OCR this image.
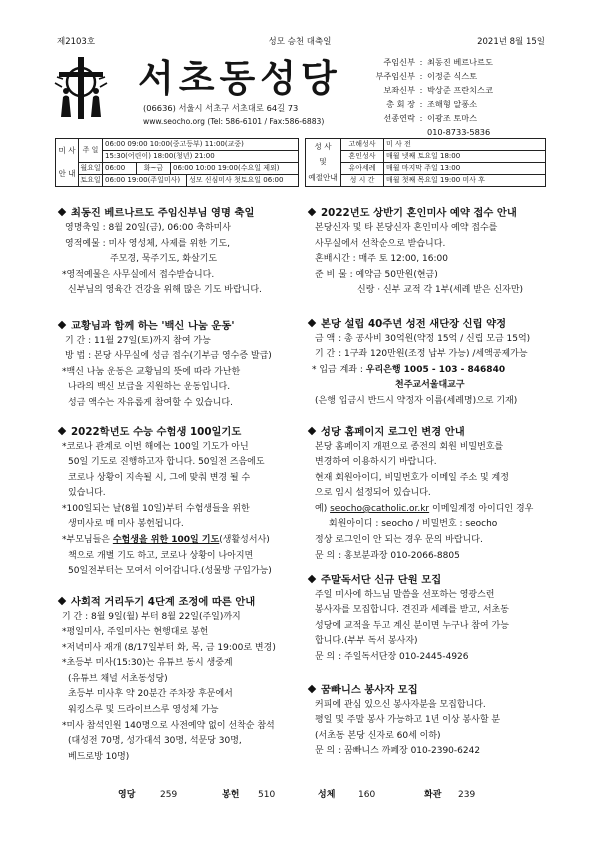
제2103호	성모 승천 대축일	2021년 8월 15일
서초동성당
(06636) 서울시 서초구 서초대로 64길 73
www.seocho.org (Tel: 586-6101 / Fax:586-6883)
주임신부 : 최동진 베르나르도
부주임신부 : 이정준 식스토
보좌신부 : 박상준 프란치스코
총 회 장 : 조해형 알퐁소
선종연락 : 이광조 토마스
010-8733-5836
미 사
안 내	주 일	06:00 09:00 10:00(중고등부) 11:00(교중)			
		15:30(어린이) 18:00(청년) 21:00			
	월요일	06:00	화~금	06:00 10:00 19:00(수요일 제외)	
	토요일	06:00 19:00(주일미사)			성모 신심미사 첫토요일 06:00
성 사
및
예절안내	고해성사	미 사 전
	혼인성사	매월 넷째 토요일 18:00
	유아세례	매월 마지막 주일 13:00
	성 시 간	매월 첫째 목요일 19:00 미사 후
최동진 베르나르도 주임신부님 영명 축일
영명축일 : 8월 20일(금), 06:00 축하미사
영적예물 : 미사 영성체, 사제를 위한 기도,
주모경, 묵주기도, 화살기도
*영적예물은 사무실에서 접수받습니다.
신부님의 영육간 건강을 위해 많은 기도 바랍니다.
교황님과 함께 하는 '백신 나눔 운동'
기 간 : 11월 27일(토)까지 참여 가능
방 법 : 본당 사무실에 성금 접수(기부금 영수증 발급)
*백신 나눔 운동은 교황님의 뜻에 따라 가난한
나라의 백신 보급을 지원하는 운동입니다.
성금 액수는 자유롭게 참여할 수 있습니다.
2022학년도 수능 수험생 100일기도
*코로나 관계로 이번 해에는 100일 기도가 아닌
50일 기도로 진행하고자 합니다. 50일전 즈음에도
코로나 상황이 지속될 시, 그에 맞춰 변경 될 수
있습니다.
*100일되는 날(8월 10일)부터 수험생들을 위한
생미사로 매 미사 봉헌됩니다.
*부모님들은 수험생을 위한 100일 기도(생활성서사)
책으로 개별 기도 하고, 코로나 상황이 나아지면
50일전부터는 모여서 이어갑니다.(성물방 구입가능)
사회적 거리두기 4단계 조정에 따른 안내
기 간 : 8월 9일(월) 부터 8월 22일(주일)까지
*평일미사, 주일미사는 현행대로 봉헌
*저녁미사 재개 (8/17일부터 화, 목, 금 19:00로 변경)
*초등부 미사(15:30)는 유튜브 동시 생중계
(유튜브 채널 서초동성당)
초등부 미사후 약 20분간 주차장 후문에서
워킹스루 및 드라이브스루 영성체 가능
*미사 참석인원 140명으로 사전예약 없이 선착순 참석
(대성전 70명, 성가대석 30명, 석문당 30명,
베드로방 10명)
2022년도 상반기 혼인미사 예약 접수 안내
본당신자 및 타 본당신자 혼인미사 예약 접수를
사무실에서 선착순으로 받습니다.
혼배시간 : 매주 토 12:00, 16:00
준 비 물 : 예약금 50만원(현금)
신랑 · 신부 교적 각 1부(세례 받은 신자만)
본당 설립 40주년 성전 새단장 신립 약정
금 액 : 총 공사비 30억원(약정 15억 / 신립 모금 15억)
기 간 : 1구좌 120만원(조정 납부 가능) /세액공제가능
* 입금 계좌 : 우리은행 1005 - 103 - 846840
천주교서울대교구
(은행 입금시 반드시 약정자 이름(세례명)으로 기재)
성당 홈페이지 로그인 변경 안내
본당 홈페이지 개편으로 종전의 회원 비밀번호를
변경하여 이용하시기 바랍니다.
현재 회원아이디, 비밀번호가 이메일 주소 및 계정
으로 임시 설정되어 있습니다.
예) seocho@catholic.or.kr 이메일계정 아이디인 경우
회원아이디 : seocho / 비밀번호 : seocho
정상 로그인이 안 되는 경우 문의 바랍니다.
문 의 : 홍보분과장 010-2066-8805
주말독서단 신규 단원 모집
주일 미사에 하느님 말씀을 선포하는 영광스런
봉사자를 모집합니다. 견진과 세례를 받고, 서초동
성당에 교적을 두고 계신 분이면 누구나 참여 가능
합니다.(부부 독서 봉사자)
문 의 : 주일독서단장 010-2445-4926
꿈빠니스 봉사자 모집
커피에 관심 있으신 봉사자분을 모집합니다.
평일 및 주말 봉사 가능하고 1년 이상 봉사할 분
(서초동 본당 신자로 60세 이하)
문 의 : 꿈빠니스 까페장 010-2390-6242
영당	259	봉헌 510	성체	160	화관 239
